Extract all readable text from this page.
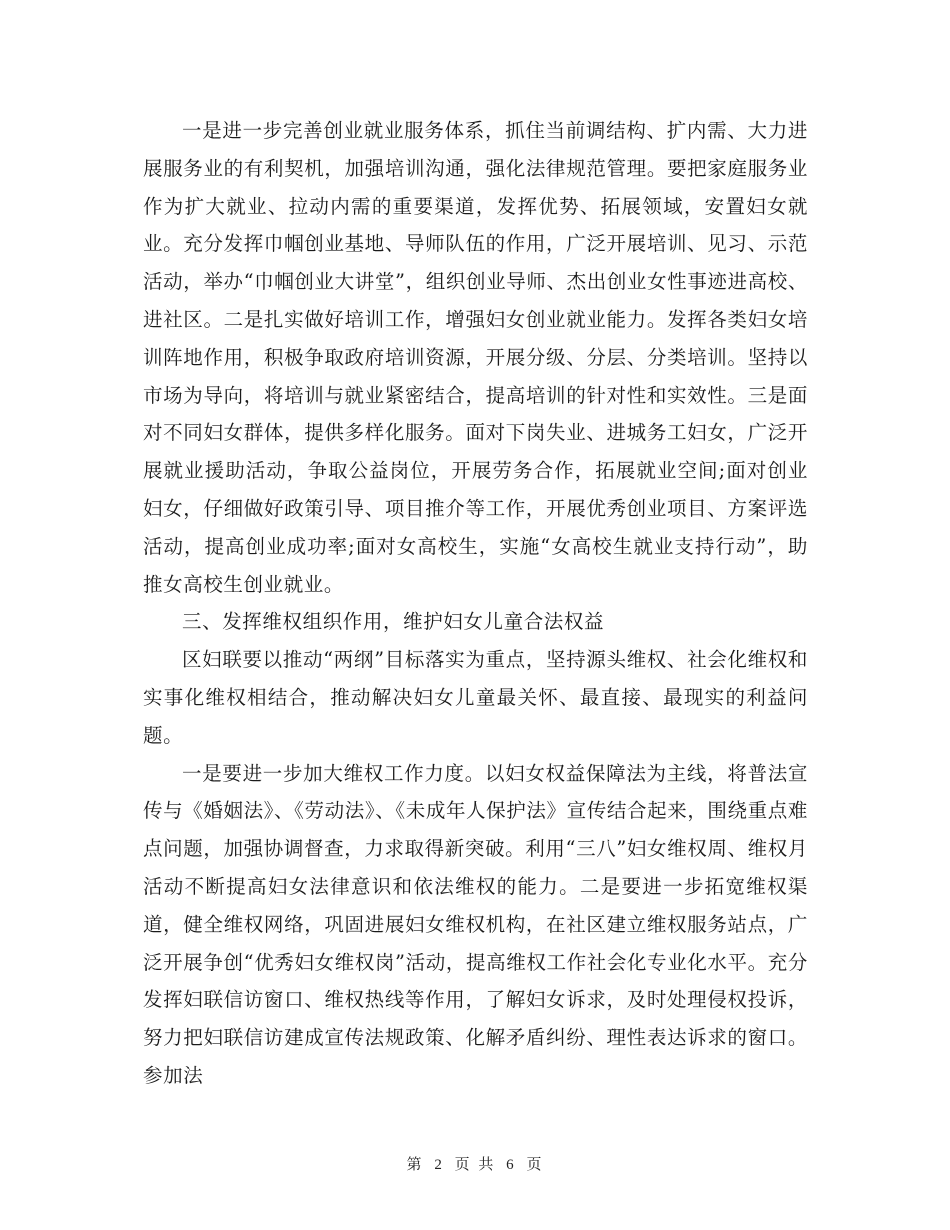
一是进一步完善创业就业服务体系，抓住当前调结构、扩内需、大力进展服务业的有利契机，加强培训沟通，强化法律规范管理。要把家庭服务业作为扩大就业、拉动内需的重要渠道，发挥优势、拓展领域，安置妇女就业。充分发挥巾帼创业基地、导师队伍的作用，广泛开展培训、见习、示范活动，举办“巾帼创业大讲堂”，组织创业导师、杰出创业女性事迹进高校、进社区。二是扎实做好培训工作，增强妇女创业就业能力。发挥各类妇女培训阵地作用，积极争取政府培训资源，开展分级、分层、分类培训。坚持以市场为导向，将培训与就业紧密结合，提高培训的针对性和实效性。三是面对不同妇女群体，提供多样化服务。面对下岗失业、进城务工妇女，广泛开展就业援助活动，争取公益岗位，开展劳务合作，拓展就业空间;面对创业妇女，仔细做好政策引导、项目推介等工作，开展优秀创业项目、方案评选活动，提高创业成功率;面对女高校生，实施“女高校生就业支持行动”，助推女高校生创业就业。

三、发挥维权组织作用，维护妇女儿童合法权益

区妇联要以推动“两纲”目标落实为重点，坚持源头维权、社会化维权和实事化维权相结合，推动解决妇女儿童最关怀、最直接、最现实的利益问题。

一是要进一步加大维权工作力度。以妇女权益保障法为主线，将普法宣传与《婚姻法》、《劳动法》、《未成年人保护法》宣传结合起来，围绕重点难点问题，加强协调督查，力求取得新突破。利用“三八”妇女维权周、维权月活动不断提高妇女法律意识和依法维权的能力。二是要进一步拓宽维权渠道，健全维权网络，巩固进展妇女维权机构，在社区建立维权服务站点，广泛开展争创“优秀妇女维权岗”活动，提高维权工作社会化专业化水平。充分发挥妇联信访窗口、维权热线等作用，了解妇女诉求，及时处理侵权投诉，努力把妇联信访建成宣传法规政策、化解矛盾纠纷、理性表达诉求的窗口。参加法

第 2 页 共 6 页
